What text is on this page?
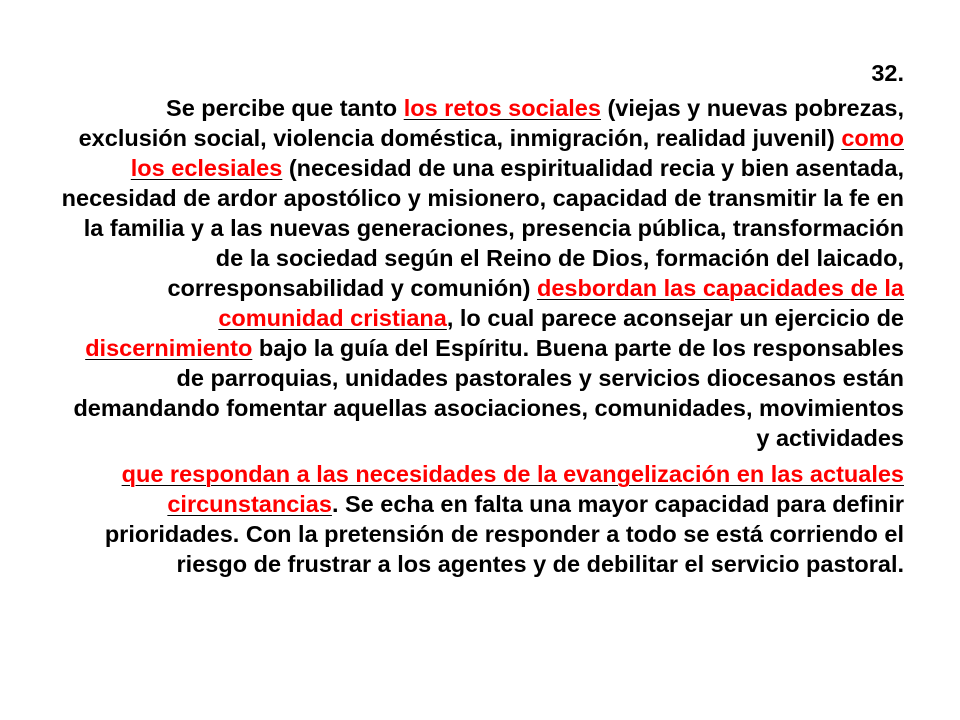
32.

Se percibe que tanto los retos sociales (viejas y nuevas pobrezas, exclusión social, violencia doméstica, inmigración, realidad juvenil) como los eclesiales (necesidad de una espiritualidad recia y bien asentada, necesidad de ardor apostólico y misionero, capacidad de transmitir la fe en la familia y a las nuevas generaciones, presencia pública, transformación de la sociedad según el Reino de Dios, formación del laicado, corresponsabilidad y comunión) desbordan las capacidades de la comunidad cristiana, lo cual parece aconsejar un ejercicio de discernimiento bajo la guía del Espíritu. Buena parte de los responsables de parroquias, unidades pastorales y servicios diocesanos están demandando fomentar aquellas asociaciones, comunidades, movimientos y actividades

que respondan a las necesidades de la evangelización en las actuales circunstancias. Se echa en falta una mayor capacidad para definir prioridades. Con la pretensión de responder a todo se está corriendo el riesgo de frustrar a los agentes y de debilitar el servicio pastoral.
